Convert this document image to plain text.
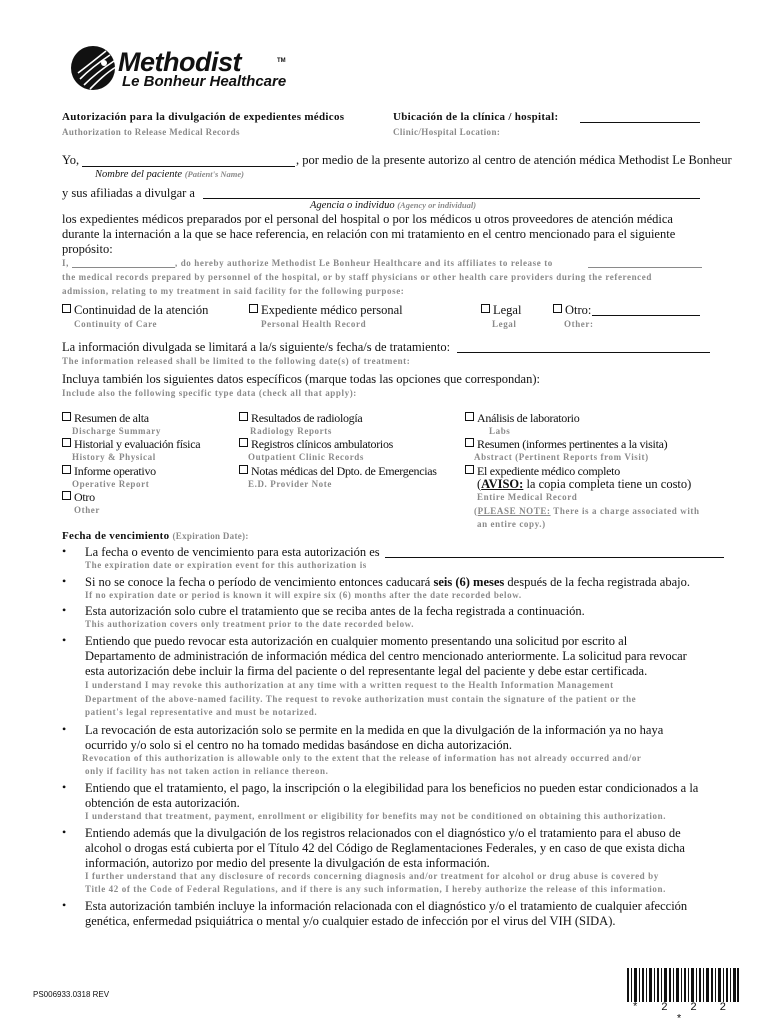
Methodist	TM
Le Bonheur Healthcare
Autorización para la divulgación de expedientes médicos
Authorization to Release Medical Records
Ubicación de la clínica / hospital:
Clinic/Hospital Location:
Yo,	, por medio de la presente autorizo al centro de atención médica Methodist Le Bonheur
Nombre del paciente (Patient's Name)
y sus afiliadas a divulgar a
Agencia o individuo (Agency or individual)
los expedientes médicos preparados por el personal del hospital o por los médicos u otros proveedores de atención médica
durante la internación a la que se hace referencia, en relación con mi tratamiento en el centro mencionado para el siguiente
propósito:
I,	, do hereby authorize Methodist Le Bonheur Healthcare and its affiliates to release to
the medical records prepared by personnel of the hospital, or by staff physicians or other health care providers during the referenced
admission, relating to my treatment in said facility for the following purpose:
Continuidad de la atención
Continuity of Care
Expediente médico personal
Personal Health Record
Legal
Legal
Otro:
Other:
La información divulgada se limitará a la/s siguiente/s fecha/s de tratamiento:
The information released shall be limited to the following date(s) of treatment:
Incluya también los siguientes datos específicos (marque todas las opciones que correspondan):
Include also the following specific type data (check all that apply):
Resumen de alta
Discharge Summary
Historial y evaluación física
History & Physical
Informe operativo
Operative Report
Otro
Other
Resultados de radiología
Radiology Reports
Registros clínicos ambulatorios
Outpatient Clinic Records
Notas médicas del Dpto. de Emergencias
E.D. Provider Note
Análisis de laboratorio
Labs
Resumen (informes pertinentes a la visita)
Abstract (Pertinent Reports from Visit)
El expediente médico completo
(AVISO: la copia completa tiene un costo)
Entire Medical Record
(PLEASE NOTE: There is a charge associated with
an entire copy.)
Fecha de vencimiento (Expiration Date):
• La fecha o evento de vencimiento para esta autorización es
The expiration date or expiration event for this authorization is
• Si no se conoce la fecha o período de vencimiento entonces caducará seis (6) meses después de la fecha registrada abajo.
If no expiration date or period is known it will expire six (6) months after the date recorded below.
• Esta autorización solo cubre el tratamiento que se reciba antes de la fecha registrada a continuación.
This authorization covers only treatment prior to the date recorded below.
• Entiendo que puedo revocar esta autorización en cualquier momento presentando una solicitud por escrito al
Departamento de administración de información médica del centro mencionado anteriormente. La solicitud para revocar
esta autorización debe incluir la firma del paciente o del representante legal del paciente y debe estar certificada.
I understand I may revoke this authorization at any time with a written request to the Health Information Management
Department of the above-named facility. The request to revoke authorization must contain the signature of the patient or the
patient's legal representative and must be notarized.
• La revocación de esta autorización solo se permite en la medida en que la divulgación de la información ya no haya
ocurrido y/o solo si el centro no ha tomado medidas basándose en dicha autorización.
Revocation of this authorization is allowable only to the extent that the release of information has not already occurred and/or
only if facility has not taken action in reliance thereon.
• Entiendo que el tratamiento, el pago, la inscripción o la elegibilidad para los beneficios no pueden estar condicionados a la
obtención de esta autorización.
I understand that treatment, payment, enrollment or eligibility for benefits may not be conditioned on obtaining this authorization.
• Entiendo además que la divulgación de los registros relacionados con el diagnóstico y/o el tratamiento para el abuso de
alcohol o drogas está cubierta por el Título 42 del Código de Reglamentaciones Federales, y en caso de que exista dicha
información, autorizo por medio del presente la divulgación de esta información.
I further understand that any disclosure of records concerning diagnosis and/or treatment for alcohol or drug abuse is covered by
Title 42 of the Code of Federal Regulations, and if there is any such information, I hereby authorize the release of this information.
• Esta autorización también incluye la información relacionada con el diagnóstico y/o el tratamiento de cualquier afección
genética, enfermedad psiquiátrica o mental y/o cualquier estado de infección por el virus del VIH (SIDA).
PS006933.0318 REV
* 2 2 2 *
